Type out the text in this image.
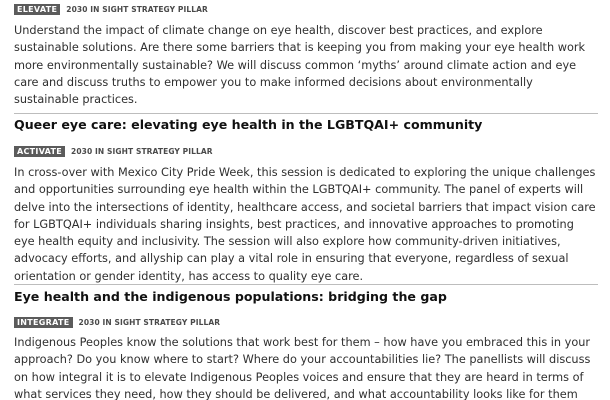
ELEVATE	2030 IN SIGHT STRATEGY PILLAR

Understand the impact of climate change on eye health, discover best practices, and explore sustainable solutions. Are there some barriers that is keeping you from making your eye health work more environmentally sustainable? We will discuss common ‘myths’ around climate action and eye care and discuss truths to empower you to make informed decisions about environmentally sustainable practices.

Queer eye care: elevating eye health in the LGBTQAI+ community
ACTIVATE	2030 IN SIGHT STRATEGY PILLAR

In cross-over with Mexico City Pride Week, this session is dedicated to exploring the unique challenges and opportunities surrounding eye health within the LGBTQAI+ community. The panel of experts will delve into the intersections of identity, healthcare access, and societal barriers that impact vision care for LGBTQAI+ individuals sharing insights, best practices, and innovative approaches to promoting eye health equity and inclusivity. The session will also explore how community-driven initiatives, advocacy efforts, and allyship can play a vital role in ensuring that everyone, regardless of sexual orientation or gender identity, has access to quality eye care.

Eye health and the indigenous populations: bridging the gap
INTEGRATE	2030 IN SIGHT STRATEGY PILLAR

Indigenous Peoples know the solutions that work best for them – how have you embraced this in your approach? Do you know where to start? Where do your accountabilities lie? The panellists will discuss on how integral it is to elevate Indigenous Peoples voices and ensure that they are heard in terms of what services they need, how they should be delivered, and what accountability looks like for them
